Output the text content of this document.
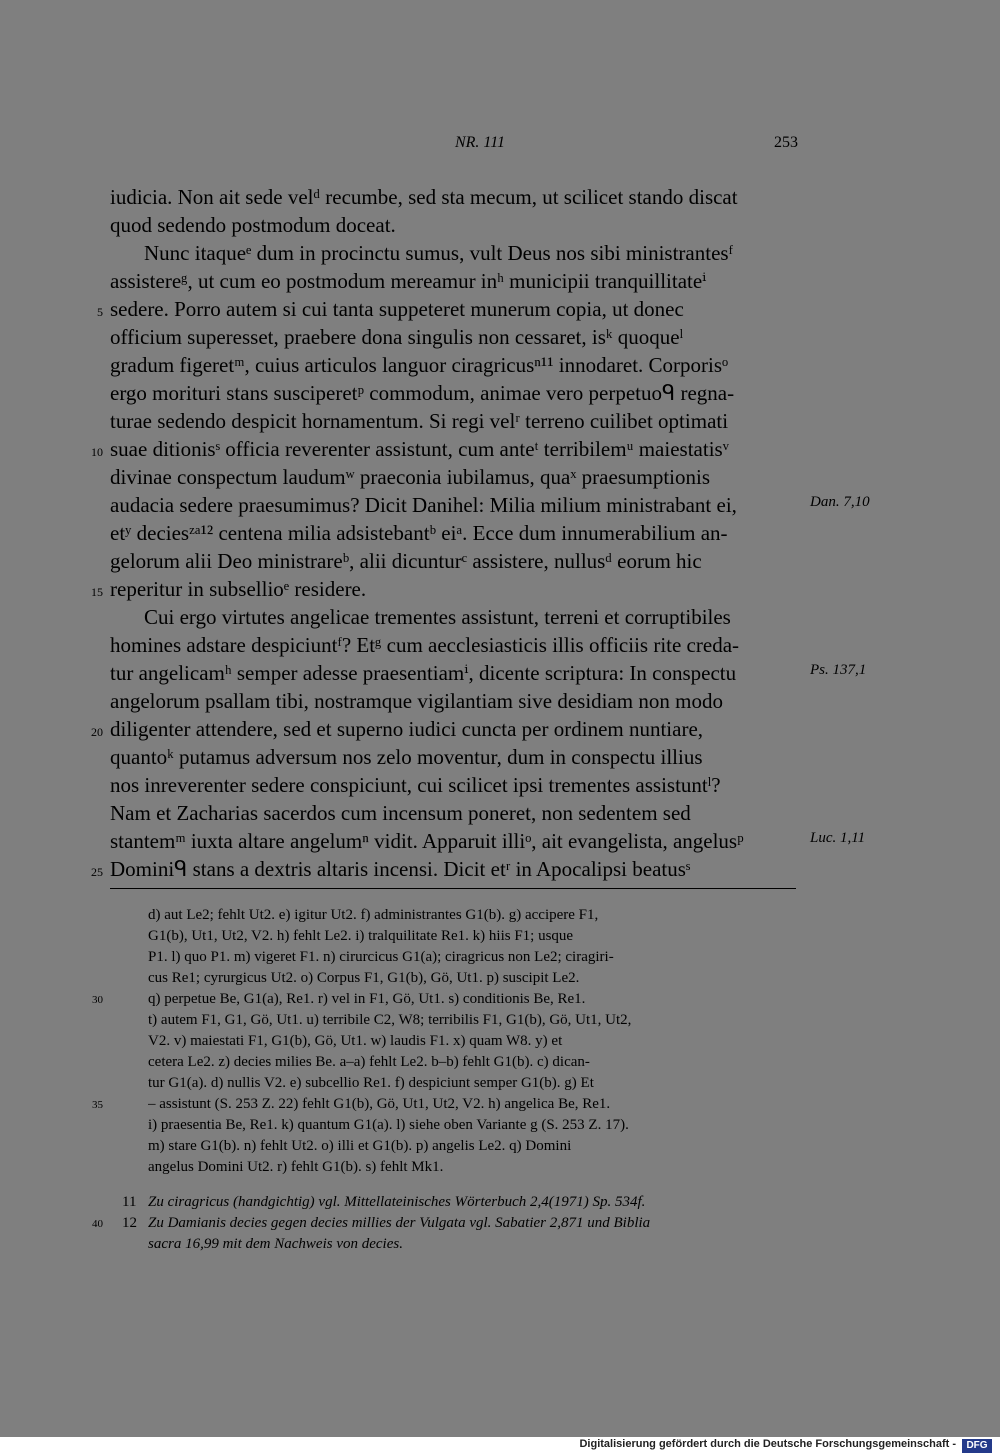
NR. 111	253
iudicia. Non ait sede velᵈ recumbe, sed sta mecum, ut scilicet stando discat
quod sedendo postmodum doceat.
Nunc itaqueᵉ dum in procinctu sumus, vult Deus nos sibi ministrantesᶠ
assistereᵍ, ut cum eo postmodum mereamur inʰ municipii tranquillitateⁱ
sedere. Porro autem si cui tanta suppeteret munerum copia, ut donec
officium superesset, praebere dona singulis non cessaret, isᵏ quoqueˡ
gradum figeretᵐ, cuius articulos languor ciragricusⁿ¹¹ innodaret. Corporisᵒ
ergo morituri stans susciperetᵖ commodum, animae vero perpetuoᑫ regna-
turae sedendo despicit hornamentum. Si regi velʳ terreno cuilibet optimati
suae ditionisˢ officia reverenter assistunt, cum anteᵗ terribilemᵘ maiestatisᵛ
divinae conspectum laudumʷ praeconia iubilamus, quaˣ praesumptionis
audacia sedere praesumimus? Dicit Danihel: Milia milium ministrabant ei,
etʸ deciesᶻᵃ¹² centena milia adsistebantᵇ eiᵃ. Ecce dum innumerabilium an-
gelorum alii Deo ministrareᵇ, alii dicunturᶜ assistere, nullusᵈ eorum hic
reperitur in subsellioᵉ residere.
Cui ergo virtutes angelicae trementes assistunt, terreni et corruptibiles
homines adstare despiciuntᶠ? Etᵍ cum aecclesiasticis illis officiis rite creda-
tur angelicamʰ semper adesse praesentiamⁱ, dicente scriptura: In conspectu
angelorum psallam tibi, nostramque vigilantiam sive desidiam non modo
diligenter attendere, sed et superno iudici cuncta per ordinem nuntiare,
quantoᵏ putamus adversum nos zelo moventur, dum in conspectu illius
nos inreverenter sedere conspiciunt, cui scilicet ipsi trementes assistuntˡ?
Nam et Zacharias sacerdos cum incensum poneret, non sedentem sed
stantemᵐ iuxta altare angelumⁿ vidit. Apparuit illiᵒ, ait evangelista, angelusᵖ
Dominiᑫ stans a dextris altaris incensi. Dicit etʳ in Apocalipsi beatusˢ
5
10
15
20
25
Dan. 7,10
Ps. 137,1
Luc. 1,11
d) aut Le2; fehlt Ut2. e) igitur Ut2. f) administrantes G1(b). g) accipere F1,
G1(b), Ut1, Ut2, V2. h) fehlt Le2. i) tralquilitate Re1. k) hiis F1; usque
P1. l) quo P1. m) vigeret F1. n) cirurcicus G1(a); ciragricus non Le2; ciragiri-
cus Re1; cyrurgicus Ut2. o) Corpus F1, G1(b), Gö, Ut1. p) suscipit Le2.
q) perpetue Be, G1(a), Re1. r) vel in F1, Gö, Ut1. s) conditionis Be, Re1.
t) autem F1, G1, Gö, Ut1. u) terribile C2, W8; terribilis F1, G1(b), Gö, Ut1, Ut2,
V2. v) maiestati F1, G1(b), Gö, Ut1. w) laudis F1. x) quam W8. y) et
cetera Le2. z) decies milies Be. a–a) fehlt Le2. b–b) fehlt G1(b). c) dican-
tur G1(a). d) nullis V2. e) subcellio Re1. f) despiciunt semper G1(b). g) Et
– assistunt (S. 253 Z. 22) fehlt G1(b), Gö, Ut1, Ut2, V2. h) angelica Be, Re1.
i) praesentia Be, Re1. k) quantum G1(a). l) siehe oben Variante g (S. 253 Z. 17).
m) stare G1(b). n) fehlt Ut2. o) illi et G1(b). p) angelis Le2. q) Domini
angelus Domini Ut2. r) fehlt G1(b). s) fehlt Mk1.
30
35
40
11 Zu ciragricus (handgichtig) vgl. Mittellateinisches Wörterbuch 2,4(1971) Sp. 534f.
12 Zu Damianis decies gegen decies millies der Vulgata vgl. Sabatier 2,871 und Biblia
sacra 16,99 mit dem Nachweis von decies.
Digitalisierung gefördert durch die Deutsche Forschungsgemeinschaft -	DFG
